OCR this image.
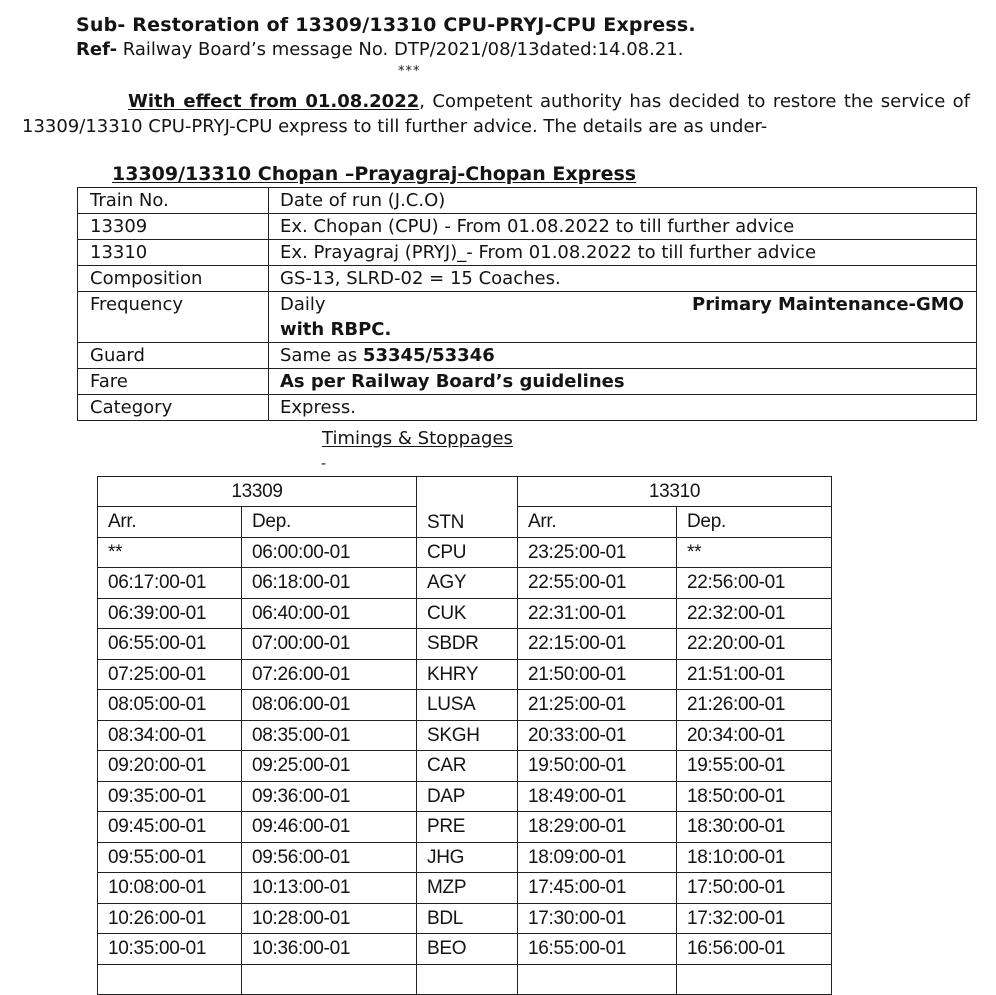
Sub- Restoration of 13309/13310 CPU-PRYJ-CPU Express.
Ref- Railway Board’s message No. DTP/2021/08/13dated:14.08.21.
***
With effect from 01.08.2022, Competent authority has decided to restore the service of 13309/13310 CPU-PRYJ-CPU express to till further advice. The details are as under-
13309/13310 Chopan –Prayagraj-Chopan Express
Train No.	Date of run (J.C.O)
13309	Ex. Chopan (CPU) - From 01.08.2022 to till further advice
13310	Ex. Prayagraj (PRYJ)_- From 01.08.2022 to till further advice
Composition	GS-13, SLRD-02 = 15 Coaches.
Frequency	Daily Primary Maintenance-GMO
with RBPC.

Guard	Same as 53345/53346
Fare	As per Railway Board’s guidelines
Category	Express.
Timings & Stoppages
-
13309		STN	13310	
Arr.	Dep.		Arr.	Dep.
**	06:00:00-01	CPU	23:25:00-01	**
06:17:00-01	06:18:00-01	AGY	22:55:00-01	22:56:00-01
06:39:00-01	06:40:00-01	CUK	22:31:00-01	22:32:00-01
06:55:00-01	07:00:00-01	SBDR	22:15:00-01	22:20:00-01
07:25:00-01	07:26:00-01	KHRY	21:50:00-01	21:51:00-01
08:05:00-01	08:06:00-01	LUSA	21:25:00-01	21:26:00-01
08:34:00-01	08:35:00-01	SKGH	20:33:00-01	20:34:00-01
09:20:00-01	09:25:00-01	CAR	19:50:00-01	19:55:00-01
09:35:00-01	09:36:00-01	DAP	18:49:00-01	18:50:00-01
09:45:00-01	09:46:00-01	PRE	18:29:00-01	18:30:00-01
09:55:00-01	09:56:00-01	JHG	18:09:00-01	18:10:00-01
10:08:00-01	10:13:00-01	MZP	17:45:00-01	17:50:00-01
10:26:00-01	10:28:00-01	BDL	17:30:00-01	17:32:00-01
10:35:00-01	10:36:00-01	BEO	16:55:00-01	16:56:00-01
